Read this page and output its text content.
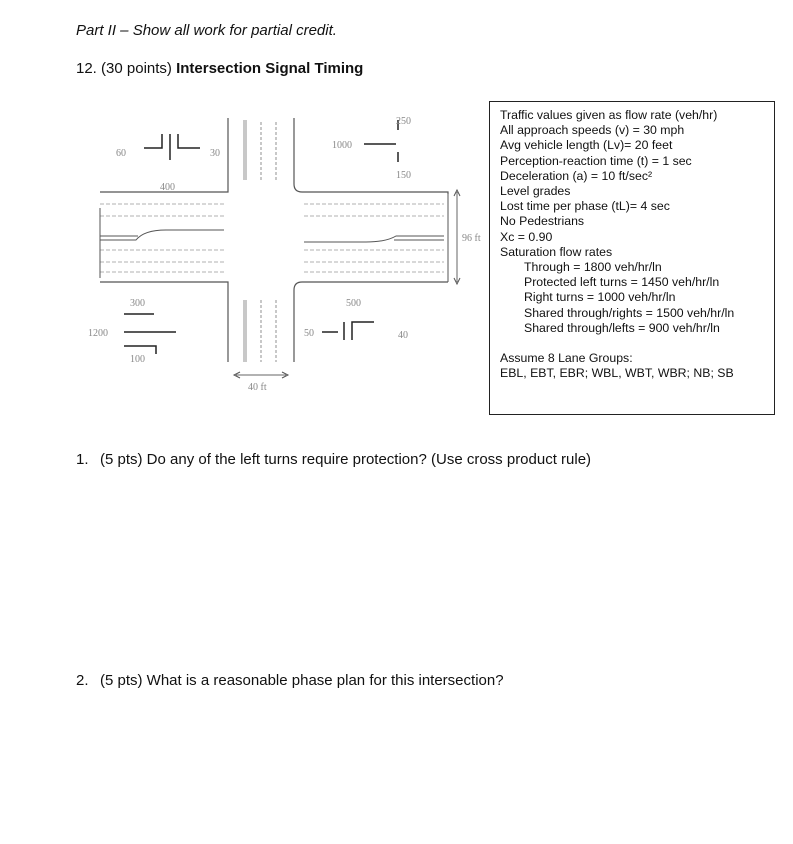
Part II – Show all work for partial credit.
12. (30 points) Intersection Signal Timing
60
400
30
250
1000
150
300
1200
100
50
500
40
96 ft
40 ft
Traffic values given as flow rate (veh/hr)
All approach speeds (v) = 30 mph
Avg vehicle length (Lv)= 20 feet
Perception-reaction time (t) = 1 sec
Deceleration (a) = 10 ft/sec²
Level grades
Lost time per phase (tL)= 4 sec
No Pedestrians
Xc = 0.90
Saturation flow rates
Through = 1800 veh/hr/ln
Protected left turns = 1450 veh/hr/ln
Right turns = 1000 veh/hr/ln
Shared through/rights = 1500 veh/hr/ln
Shared through/lefts = 900 veh/hr/ln
Assume 8 Lane Groups:
EBL, EBT, EBR; WBL, WBT, WBR; NB; SB
1. (5 pts) Do any of the left turns require protection? (Use cross product rule)
2. (5 pts) What is a reasonable phase plan for this intersection?
